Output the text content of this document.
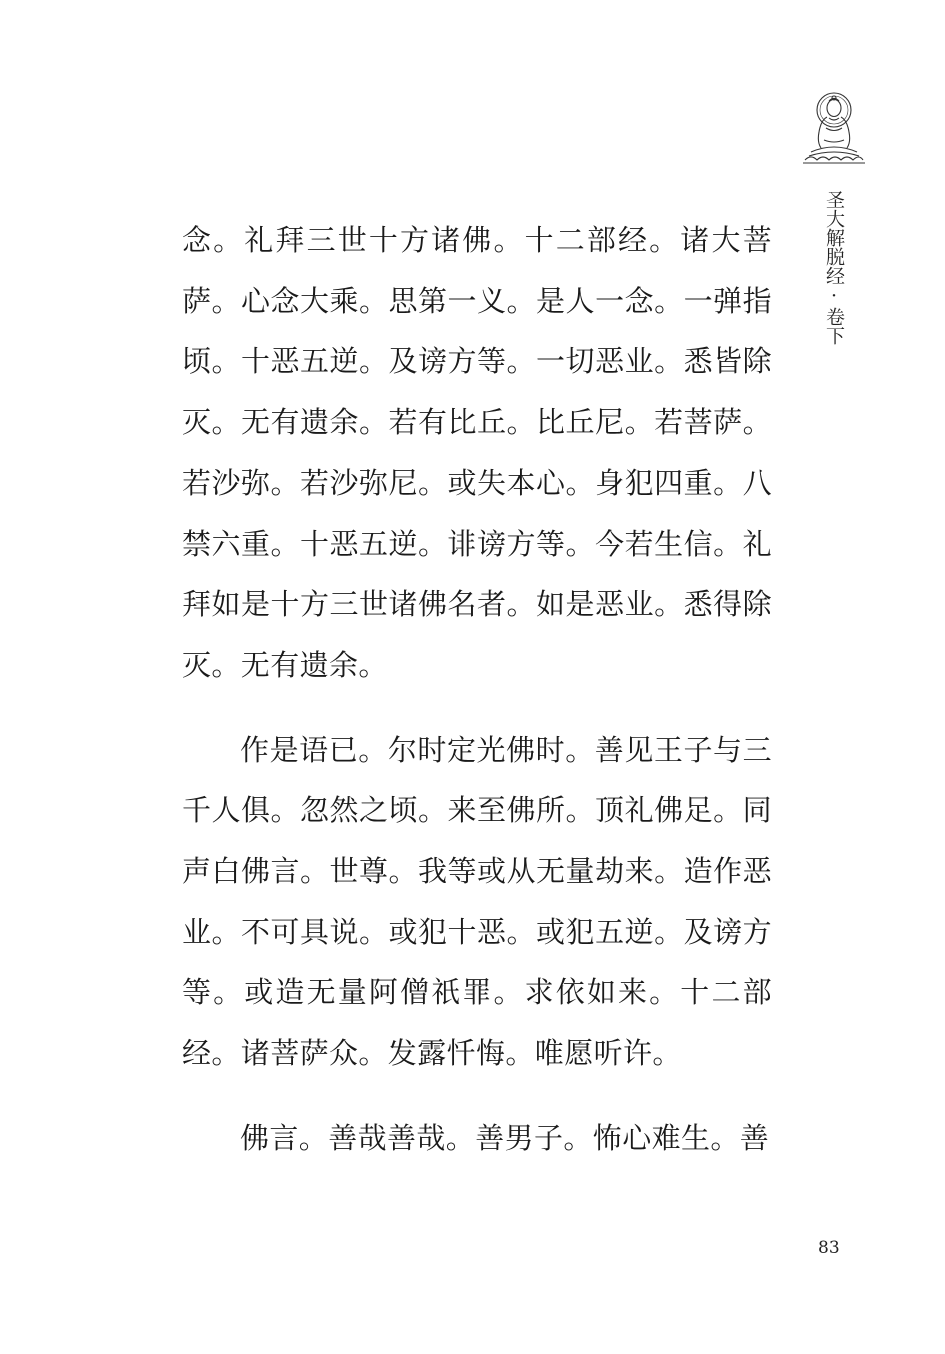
圣大解脱经·卷下

念。礼拜三世十方诸佛。十二部经。诸大菩萨。心念大乘。思第一义。是人一念。一弹指顷。十恶五逆。及谤方等。一切恶业。悉皆除灭。无有遗余。若有比丘。比丘尼。若菩萨。若沙弥。若沙弥尼。或失本心。身犯四重。八禁六重。十恶五逆。诽谤方等。今若生信。礼拜如是十方三世诸佛名者。如是恶业。悉得除灭。无有遗余。

作是语已。尔时定光佛时。善见王子与三千人俱。忽然之顷。来至佛所。顶礼佛足。同声白佛言。世尊。我等或从无量劫来。造作恶业。不可具说。或犯十恶。或犯五逆。及谤方等。或造无量阿僧祇罪。求依如来。十二部经。诸菩萨众。发露忏悔。唯愿听许。

佛言。善哉善哉。善男子。怖心难生。善

83
